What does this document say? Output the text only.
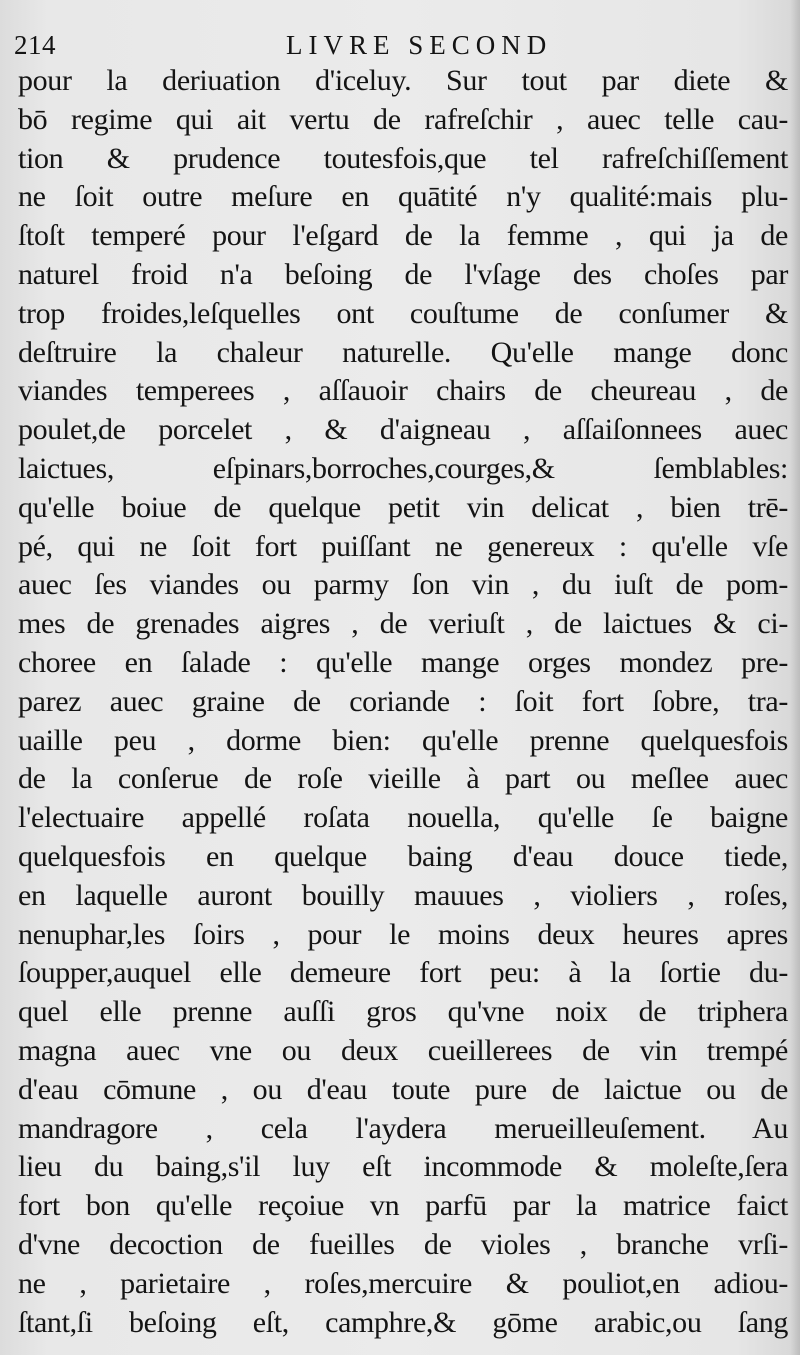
214	LIVRE SECOND
pour la deriuation d'iceluy. Sur tout par diete &
bō regime qui ait vertu de rafreſchir , auec telle cau-
tion & prudence toutesfois,que tel rafreſchiſſement
ne ſoit outre meſure en quātité n'y qualité:mais plu-
ſtoſt temperé pour l'eſgard de la femme , qui ja de
naturel froid n'a beſoing de l'vſage des choſes par
trop froides,leſquelles ont couſtume de conſumer &
deſtruire la chaleur naturelle. Qu'elle mange donc
viandes temperees , aſſauoir chairs de cheureau , de
poulet,de porcelet , & d'aigneau , aſſaiſonnees auec
laictues, eſpinars,borroches,courges,& ſemblables:
qu'elle boiue de quelque petit vin delicat , bien trē-
pé, qui ne ſoit fort puiſſant ne genereux : qu'elle vſe
auec ſes viandes ou parmy ſon vin , du iuſt de pom-
mes de grenades aigres , de veriuſt , de laictues & ci-
choree en ſalade : qu'elle mange orges mondez pre-
parez auec graine de coriande : ſoit fort ſobre, tra-
uaille peu , dorme bien: qu'elle prenne quelquesfois
de la conſerue de roſe vieille à part ou meſlee auec
l'electuaire appellé roſata nouella, qu'elle ſe baigne
quelquesfois en quelque baing d'eau douce tiede,
en laquelle auront bouilly mauues , violiers , roſes,
nenuphar,les ſoirs , pour le moins deux heures apres
ſoupper,auquel elle demeure fort peu: à la ſortie du-
quel elle prenne auſſi gros qu'vne noix de triphera
magna auec vne ou deux cueillerees de vin trempé
d'eau cōmune , ou d'eau toute pure de laictue ou de
mandragore , cela l'aydera merueilleuſement. Au
lieu du baing,s'il luy eſt incommode & moleſte,ſera
fort bon qu'elle reçoiue vn parfū par la matrice faict
d'vne decoction de fueilles de violes , branche vrſi-
ne , parietaire , roſes,mercuire & pouliot,en adiou-
ſtant,ſi beſoing eſt, camphre,& gōme arabic,ou ſang
